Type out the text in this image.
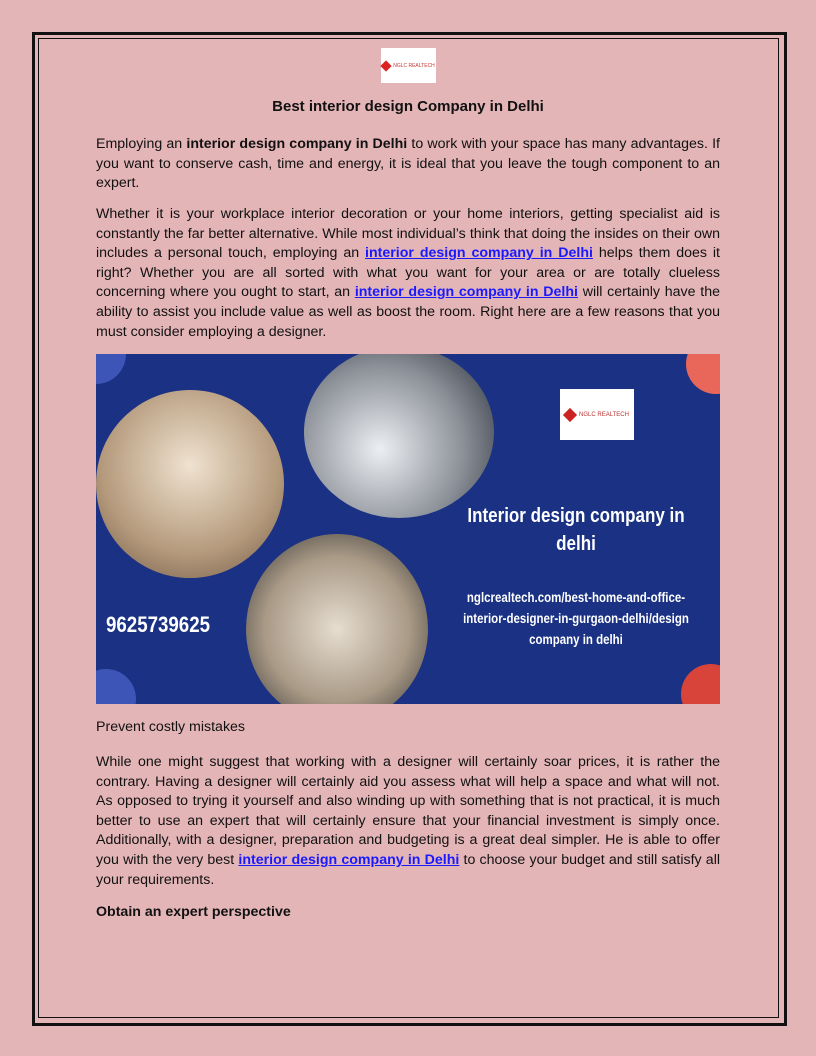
NGLC REALTECH
Best interior design Company in Delhi
Employing an interior design company in Delhi to work with your space has many advantages. If you want to conserve cash, time and energy, it is ideal that you leave the tough component to an expert.
Whether it is your workplace interior decoration or your home interiors, getting specialist aid is constantly the far better alternative. While most individual’s think that doing the insides on their own includes a personal touch, employing an interior design company in Delhi helps them does it right? Whether you are all sorted with what you want for your area or are totally clueless concerning where you ought to start, an interior design company in Delhi will certainly have the ability to assist you include value as well as boost the room. Right here are a few reasons that you must consider employing a designer.
NGLC REALTECH
Interior design company in delhi
nglcrealtech.com/best-home-and-office-interior-designer-in-gurgaon-delhi/design company in delhi
9625739625
Prevent costly mistakes
While one might suggest that working with a designer will certainly soar prices, it is rather the contrary. Having a designer will certainly aid you assess what will help a space and what will not. As opposed to trying it yourself and also winding up with something that is not practical, it is much better to use an expert that will certainly ensure that your financial investment is simply once. Additionally, with a designer, preparation and budgeting is a great deal simpler. He is able to offer you with the very best interior design company in Delhi to choose your budget and still satisfy all your requirements.
Obtain an expert perspective
